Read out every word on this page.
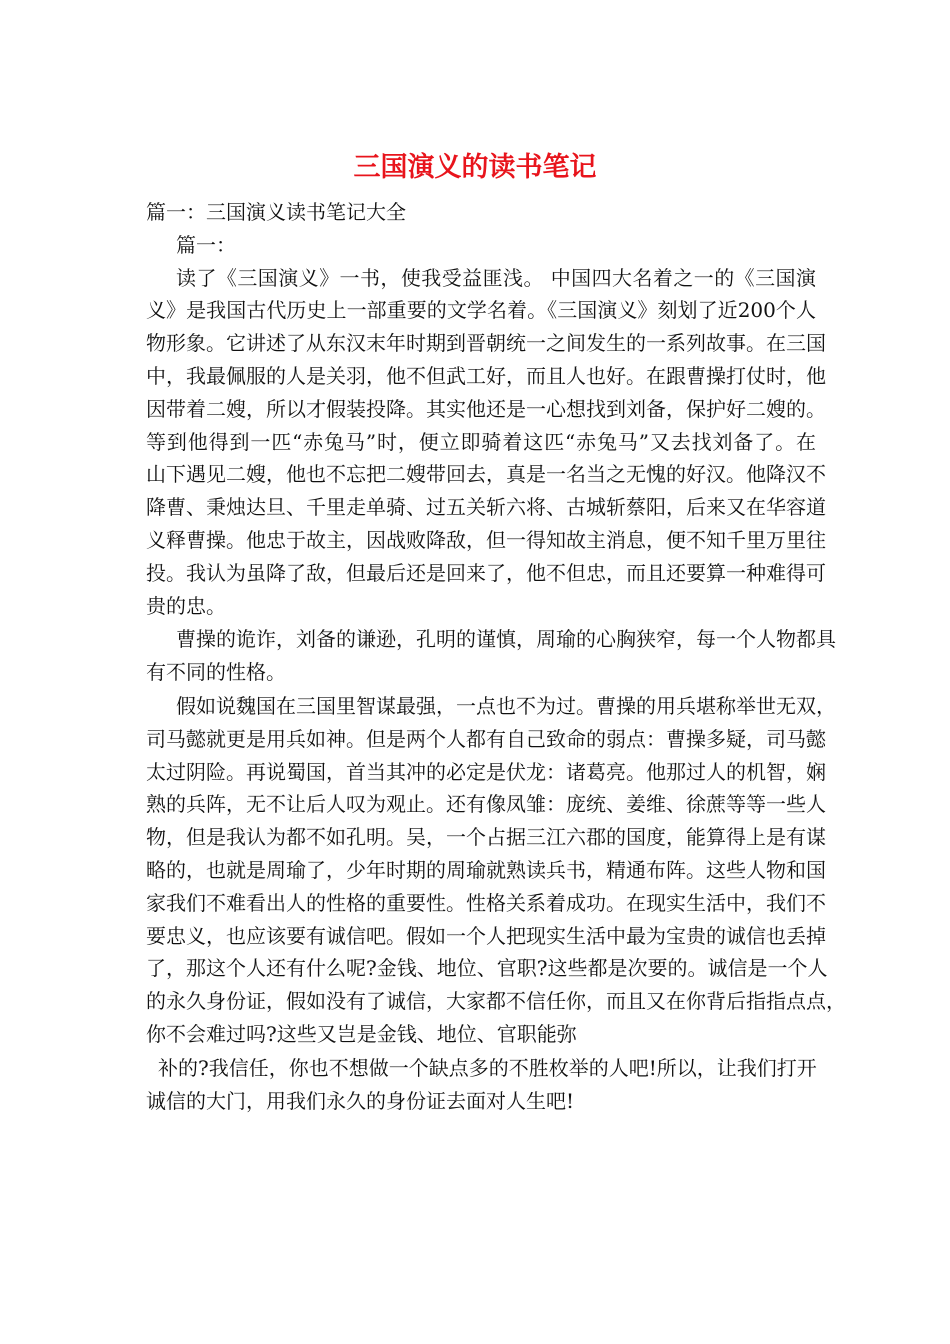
三国演义的读书笔记

篇一：三国演义读书笔记大全

篇一：

读了《三国演义》一书，使我受益匪浅。 中国四大名着之一的《三国演
义》是我国古代历史上一部重要的文学名着。《三国演义》刻划了近200个人
物形象。它讲述了从东汉末年时期到晋朝统一之间发生的一系列故事。在三国
中，我最佩服的人是关羽，他不但武工好，而且人也好。在跟曹操打仗时，他
因带着二嫂，所以才假装投降。其实他还是一心想找到刘备，保护好二嫂的。
等到他得到一匹“赤兔马”时，便立即骑着这匹“赤兔马”又去找刘备了。在
山下遇见二嫂，他也不忘把二嫂带回去，真是一名当之无愧的好汉。他降汉不
降曹、秉烛达旦、千里走单骑、过五关斩六将、古城斩蔡阳，后来又在华容道
义释曹操。他忠于故主，因战败降敌，但一得知故主消息，便不知千里万里往
投。我认为虽降了敌，但最后还是回来了，他不但忠，而且还要算一种难得可
贵的忠。

曹操的诡诈，刘备的谦逊，孔明的谨慎，周瑜的心胸狭窄，每一个人物都具
有不同的性格。

假如说魏国在三国里智谋最强，一点也不为过。曹操的用兵堪称举世无双，
司马懿就更是用兵如神。但是两个人都有自己致命的弱点：曹操多疑，司马懿
太过阴险。再说蜀国，首当其冲的必定是伏龙：诸葛亮。他那过人的机智，娴
熟的兵阵，无不让后人叹为观止。还有像凤雏：庞统、姜维、徐蔗等等一些人
物，但是我认为都不如孔明。吴，一个占据三江六郡的国度，能算得上是有谋
略的，也就是周瑜了，少年时期的周瑜就熟读兵书，精通布阵。这些人物和国
家我们不难看出人的性格的重要性。性格关系着成功。在现实生活中，我们不
要忠义，也应该要有诚信吧。假如一个人把现实生活中最为宝贵的诚信也丢掉
了，那这个人还有什么呢?金钱、地位、官职?这些都是次要的。诚信是一个人
的永久身份证，假如没有了诚信，大家都不信任你，而且又在你背后指指点点，
你不会难过吗?这些又岂是金钱、地位、官职能弥

补的?我信任，你也不想做一个缺点多的不胜枚举的人吧!所以，让我们打开
诚信的大门，用我们永久的身份证去面对人生吧!
